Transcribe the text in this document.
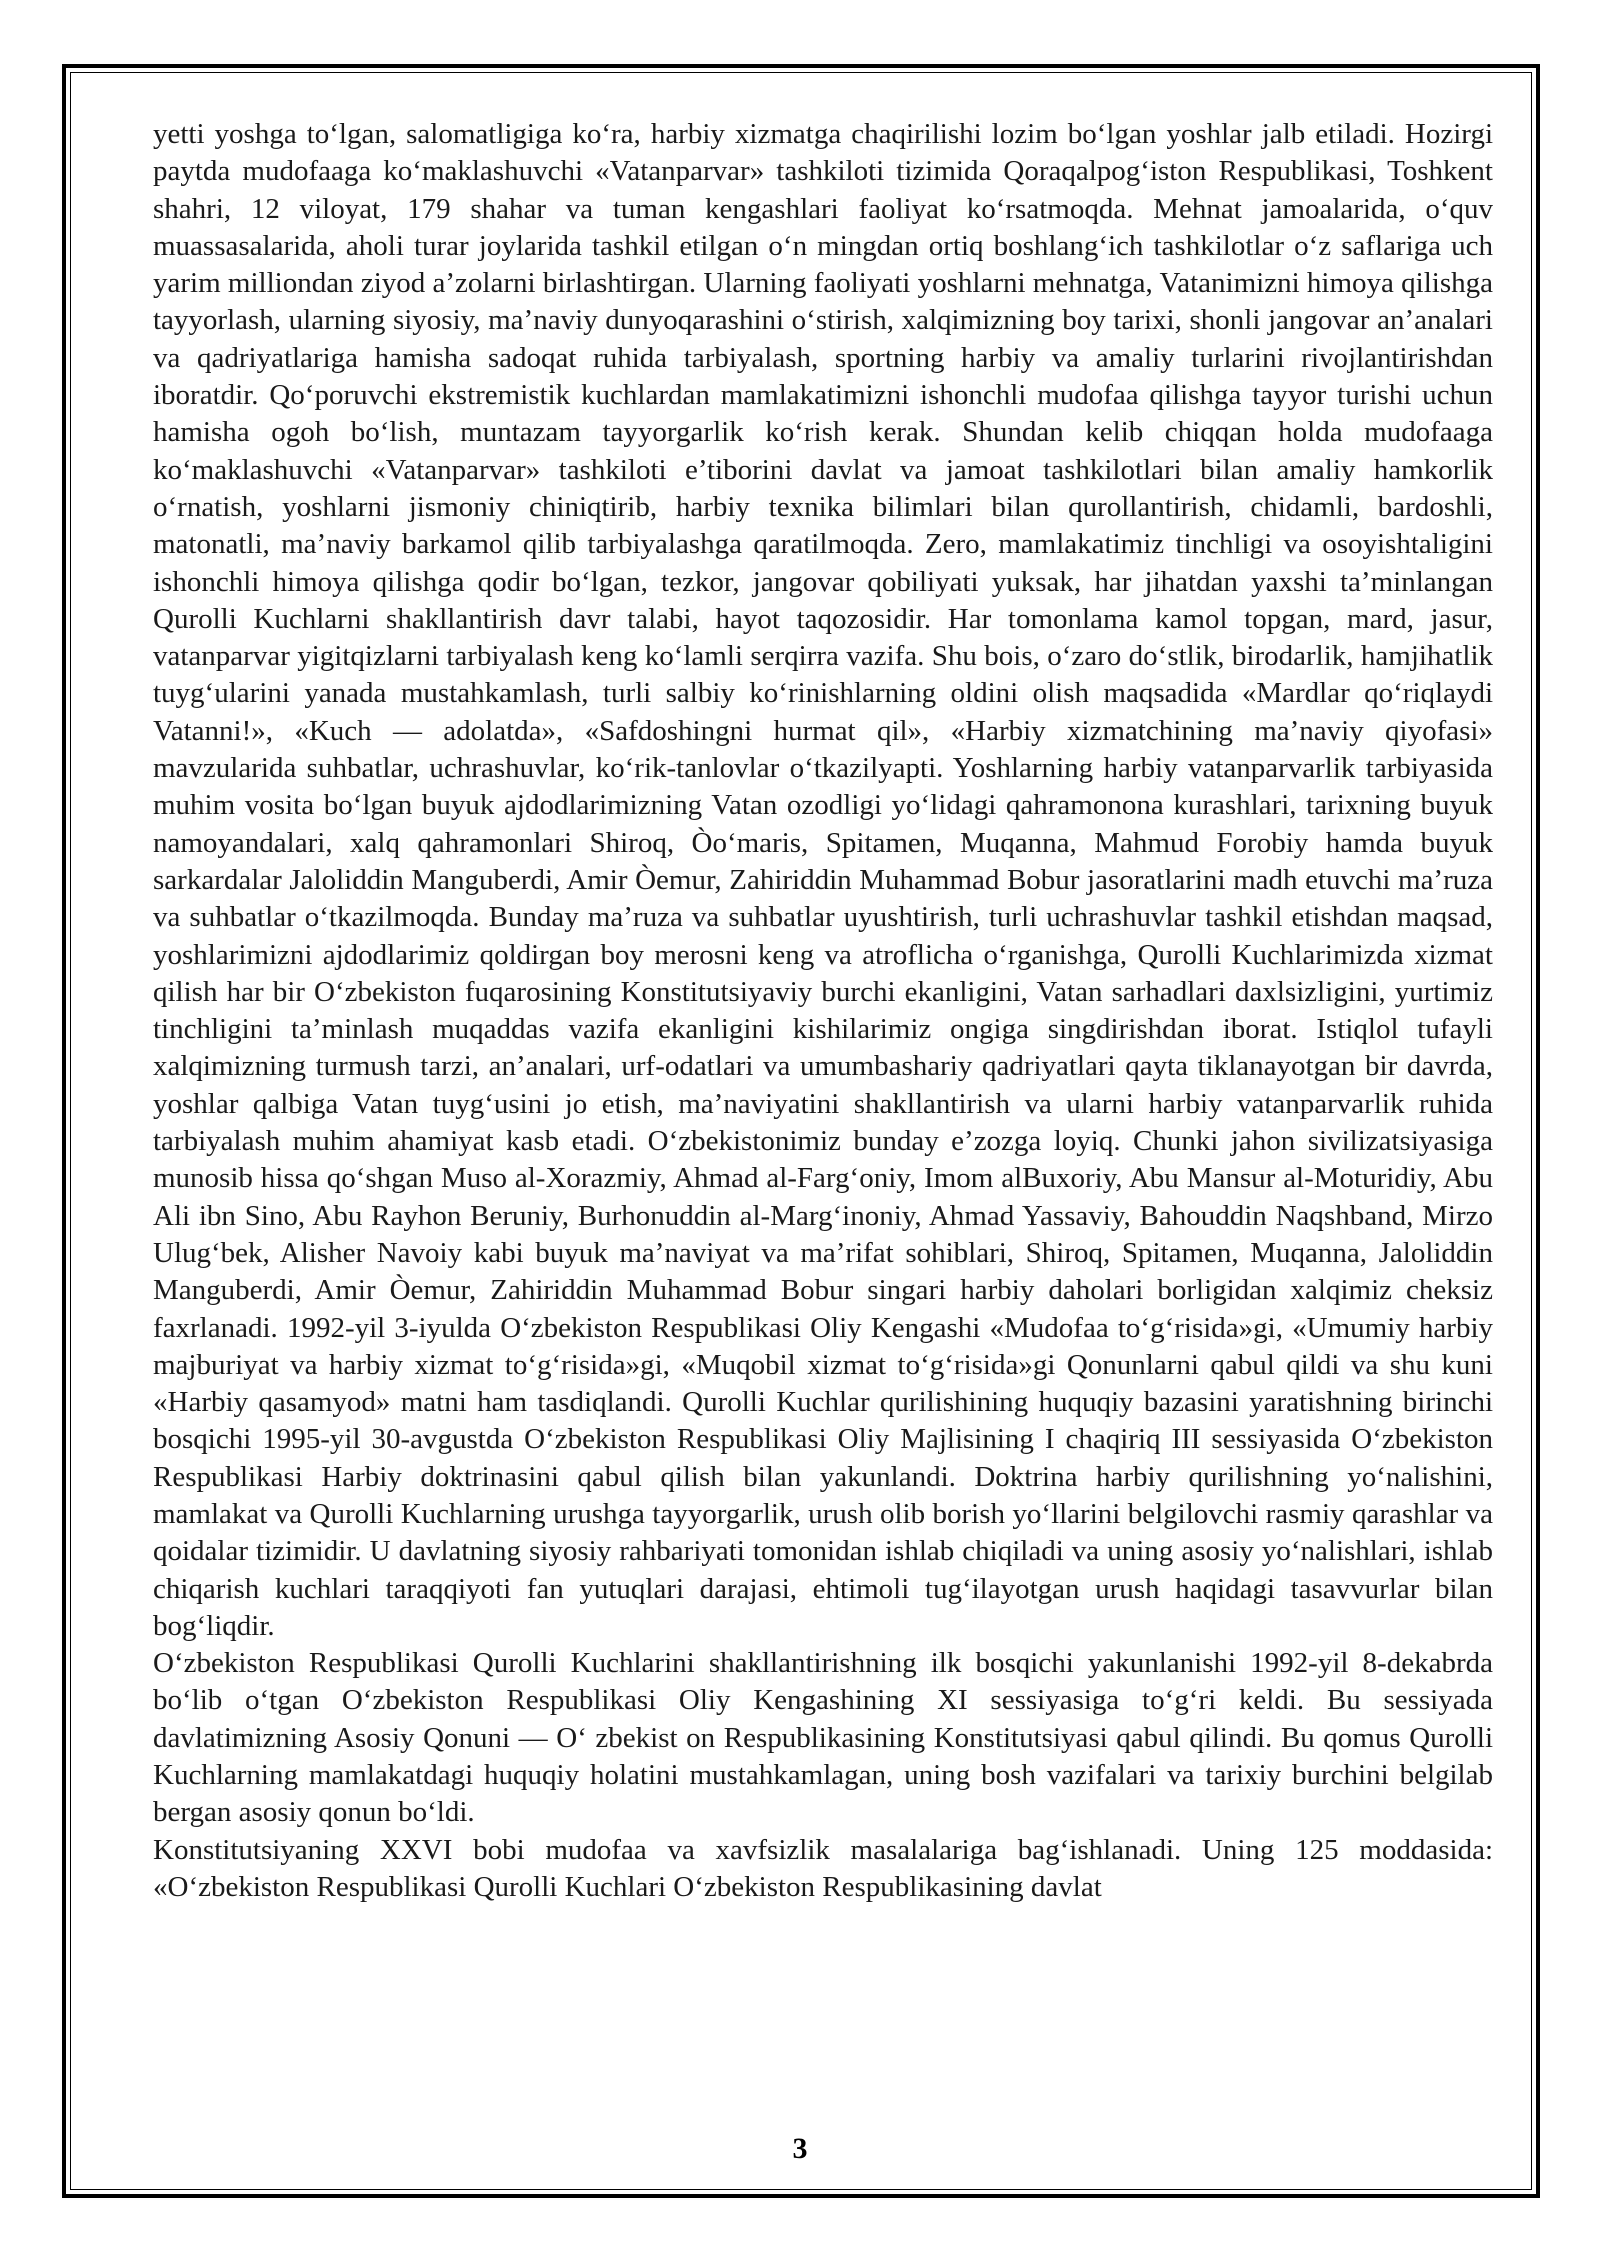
yetti yoshga to‘lgan, salomatligiga ko‘ra, harbiy xizmatga chaqirilishi lozim bo‘lgan yoshlar jalb etiladi. Hozirgi paytda mudofaaga ko‘maklashuvchi «Vatanparvar» tashkiloti tizimida Qoraqalpog‘iston Respublikasi, Toshkent shahri, 12 viloyat, 179 shahar va tuman kengashlari faoliyat ko‘rsatmoqda. Mehnat jamoalarida, o‘quv muassasalarida, aholi turar joylarida tashkil etilgan o‘n mingdan ortiq boshlang‘ich tashkilotlar o‘z saflariga uch yarim milliondan ziyod a’zolarni birlashtirgan. Ularning faoliyati yoshlarni mehnatga, Vatanimizni himoya qilishga tayyorlash, ularning siyosiy, ma’naviy dunyoqarashini o‘stirish, xalqimizning boy tarixi, shonli jangovar an’analari va qadriyatlariga hamisha sadoqat ruhida tarbiyalash, sportning harbiy va amaliy turlarini rivojlantirishdan iboratdir. Qo‘poruvchi ekstremistik kuchlardan mamlakatimizni ishonchli mudofaa qilishga tayyor turishi uchun hamisha ogoh bo‘lish, muntazam tayyorgarlik ko‘rish kerak. Shundan kelib chiqqan holda mudofaaga ko‘maklashuvchi «Vatanparvar» tashkiloti e’tiborini davlat va jamoat tashkilotlari bilan amaliy hamkorlik o‘rnatish, yoshlarni jismoniy chiniqtirib, harbiy texnika bilimlari bilan qurollantirish, chidamli, bardoshli, matonatli, ma’naviy barkamol qilib tarbiyalashga qaratilmoqda. Zero, mamlakatimiz tinchligi va osoyishtaligini ishonchli himoya qilishga qodir bo‘lgan, tezkor, jangovar qobiliyati yuksak, har jihatdan yaxshi ta’minlangan Qurolli Kuchlarni shakllantirish davr talabi, hayot taqozosidir. Har tomonlama kamol topgan, mard, jasur, vatanparvar yigitqizlarni tarbiyalash keng ko‘lamli serqirra vazifa. Shu bois, o‘zaro do‘stlik, birodarlik, hamjihatlik tuyg‘ularini yanada mustahkamlash, turli salbiy ko‘rinishlarning oldini olish maqsadida «Mardlar qo‘riqlaydi Vatanni!», «Kuch — adolatda», «Safdoshingni hurmat qil», «Harbiy xizmatchining ma’naviy qiyofasi» mavzularida suhbatlar, uchrashuvlar, ko‘rik-tanlovlar o‘tkazilyapti. Yoshlarning harbiy vatanparvarlik tarbiyasida muhim vosita bo‘lgan buyuk ajdodlarimizning Vatan ozodligi yo‘lidagi qahramonona kurashlari, tarixning buyuk namoyandalari, xalq qahramonlari Shiroq, Òo‘maris, Spitamen, Muqanna, Mahmud Forobiy hamda buyuk sarkardalar Jaloliddin Manguberdi, Amir Òemur, Zahiriddin Muhammad Bobur jasoratlarini madh etuvchi ma’ruza va suhbatlar o‘tkazilmoqda. Bunday ma’ruza va suhbatlar uyushtirish, turli uchrashuvlar tashkil etishdan maqsad, yoshlarimizni ajdodlarimiz qoldirgan boy merosni keng va atroflicha o‘rganishga, Qurolli Kuchlarimizda xizmat qilish har bir O‘zbekiston fuqarosining Konstitutsiyaviy burchi ekanligini, Vatan sarhadlari daxlsizligini, yurtimiz tinchligini ta’minlash muqaddas vazifa ekanligini kishilarimiz ongiga singdirishdan iborat. Istiqlol tufayli xalqimizning turmush tarzi, an’analari, urf-odatlari va umumbashariy qadriyatlari qayta tiklanayotgan bir davrda, yoshlar qalbiga Vatan tuyg‘usini jo etish, ma’naviyatini shakllantirish va ularni harbiy vatanparvarlik ruhida tarbiyalash muhim ahamiyat kasb etadi. O‘zbekistonimiz bunday e’zozga loyiq. Chunki jahon sivilizatsiyasiga munosib hissa qo‘shgan Muso al-Xorazmiy, Ahmad al-Farg‘oniy, Imom alBuxoriy, Abu Mansur al-Moturidiy, Abu Ali ibn Sino, Abu Rayhon Beruniy, Burhonuddin al-Marg‘inoniy, Ahmad Yassaviy, Bahouddin Naqshband, Mirzo Ulug‘bek, Alisher Navoiy kabi buyuk ma’naviyat va ma’rifat sohiblari, Shiroq, Spitamen, Muqanna, Jaloliddin Manguberdi, Amir Òemur, Zahiriddin Muhammad Bobur singari harbiy daholari borligidan xalqimiz cheksiz faxrlanadi. 1992-yil 3-iyulda O‘zbekiston Respublikasi Oliy Kengashi «Mudofaa to‘g‘risida»gi, «Umumiy harbiy majburiyat va harbiy xizmat to‘g‘risida»gi, «Muqobil xizmat to‘g‘risida»gi Qonunlarni qabul qildi va shu kuni «Harbiy qasamyod» matni ham tasdiqlandi. Qurolli Kuchlar qurilishining huquqiy bazasini yaratishning birinchi bosqichi 1995-yil 30-avgustda O‘zbekiston Respublikasi Oliy Majlisining I chaqiriq III sessiyasida O‘zbekiston Respublikasi Harbiy doktrinasini qabul qilish bilan yakunlandi. Doktrina harbiy qurilishning yo‘nalishini, mamlakat va Qurolli Kuchlarning urushga tayyorgarlik, urush olib borish yo‘llarini belgilovchi rasmiy qarashlar va qoidalar tizimidir. U davlatning siyosiy rahbariyati tomonidan ishlab chiqiladi va uning asosiy yo‘nalishlari, ishlab chiqarish kuchlari taraqqiyoti fan yutuqlari darajasi, ehtimoli tug‘ilayotgan urush haqidagi tasavvurlar bilan bog‘liqdir.

O‘zbekiston Respublikasi Qurolli Kuchlarini shakllantirishning ilk bosqichi yakunlanishi 1992-yil 8-dekabrda bo‘lib o‘tgan O‘zbekiston Respublikasi Oliy Kengashining XI sessiyasiga to‘g‘ri keldi. Bu sessiyada davlatimizning Asosiy Qonuni — O‘ zbekist on Respublikasining Konstitutsiyasi qabul qilindi. Bu qomus Qurolli Kuchlarning mamlakatdagi huquqiy holatini mustahkamlagan, uning bosh vazifalari va tarixiy burchini belgilab bergan asosiy qonun bo‘ldi.

Konstitutsiyaning XXVI bobi mudofaa va xavfsizlik masalalariga bag‘ishlanadi. Uning 125 moddasida: «O‘zbekiston Respublikasi Qurolli Kuchlari O‘zbekiston Respublikasining davlat

3
